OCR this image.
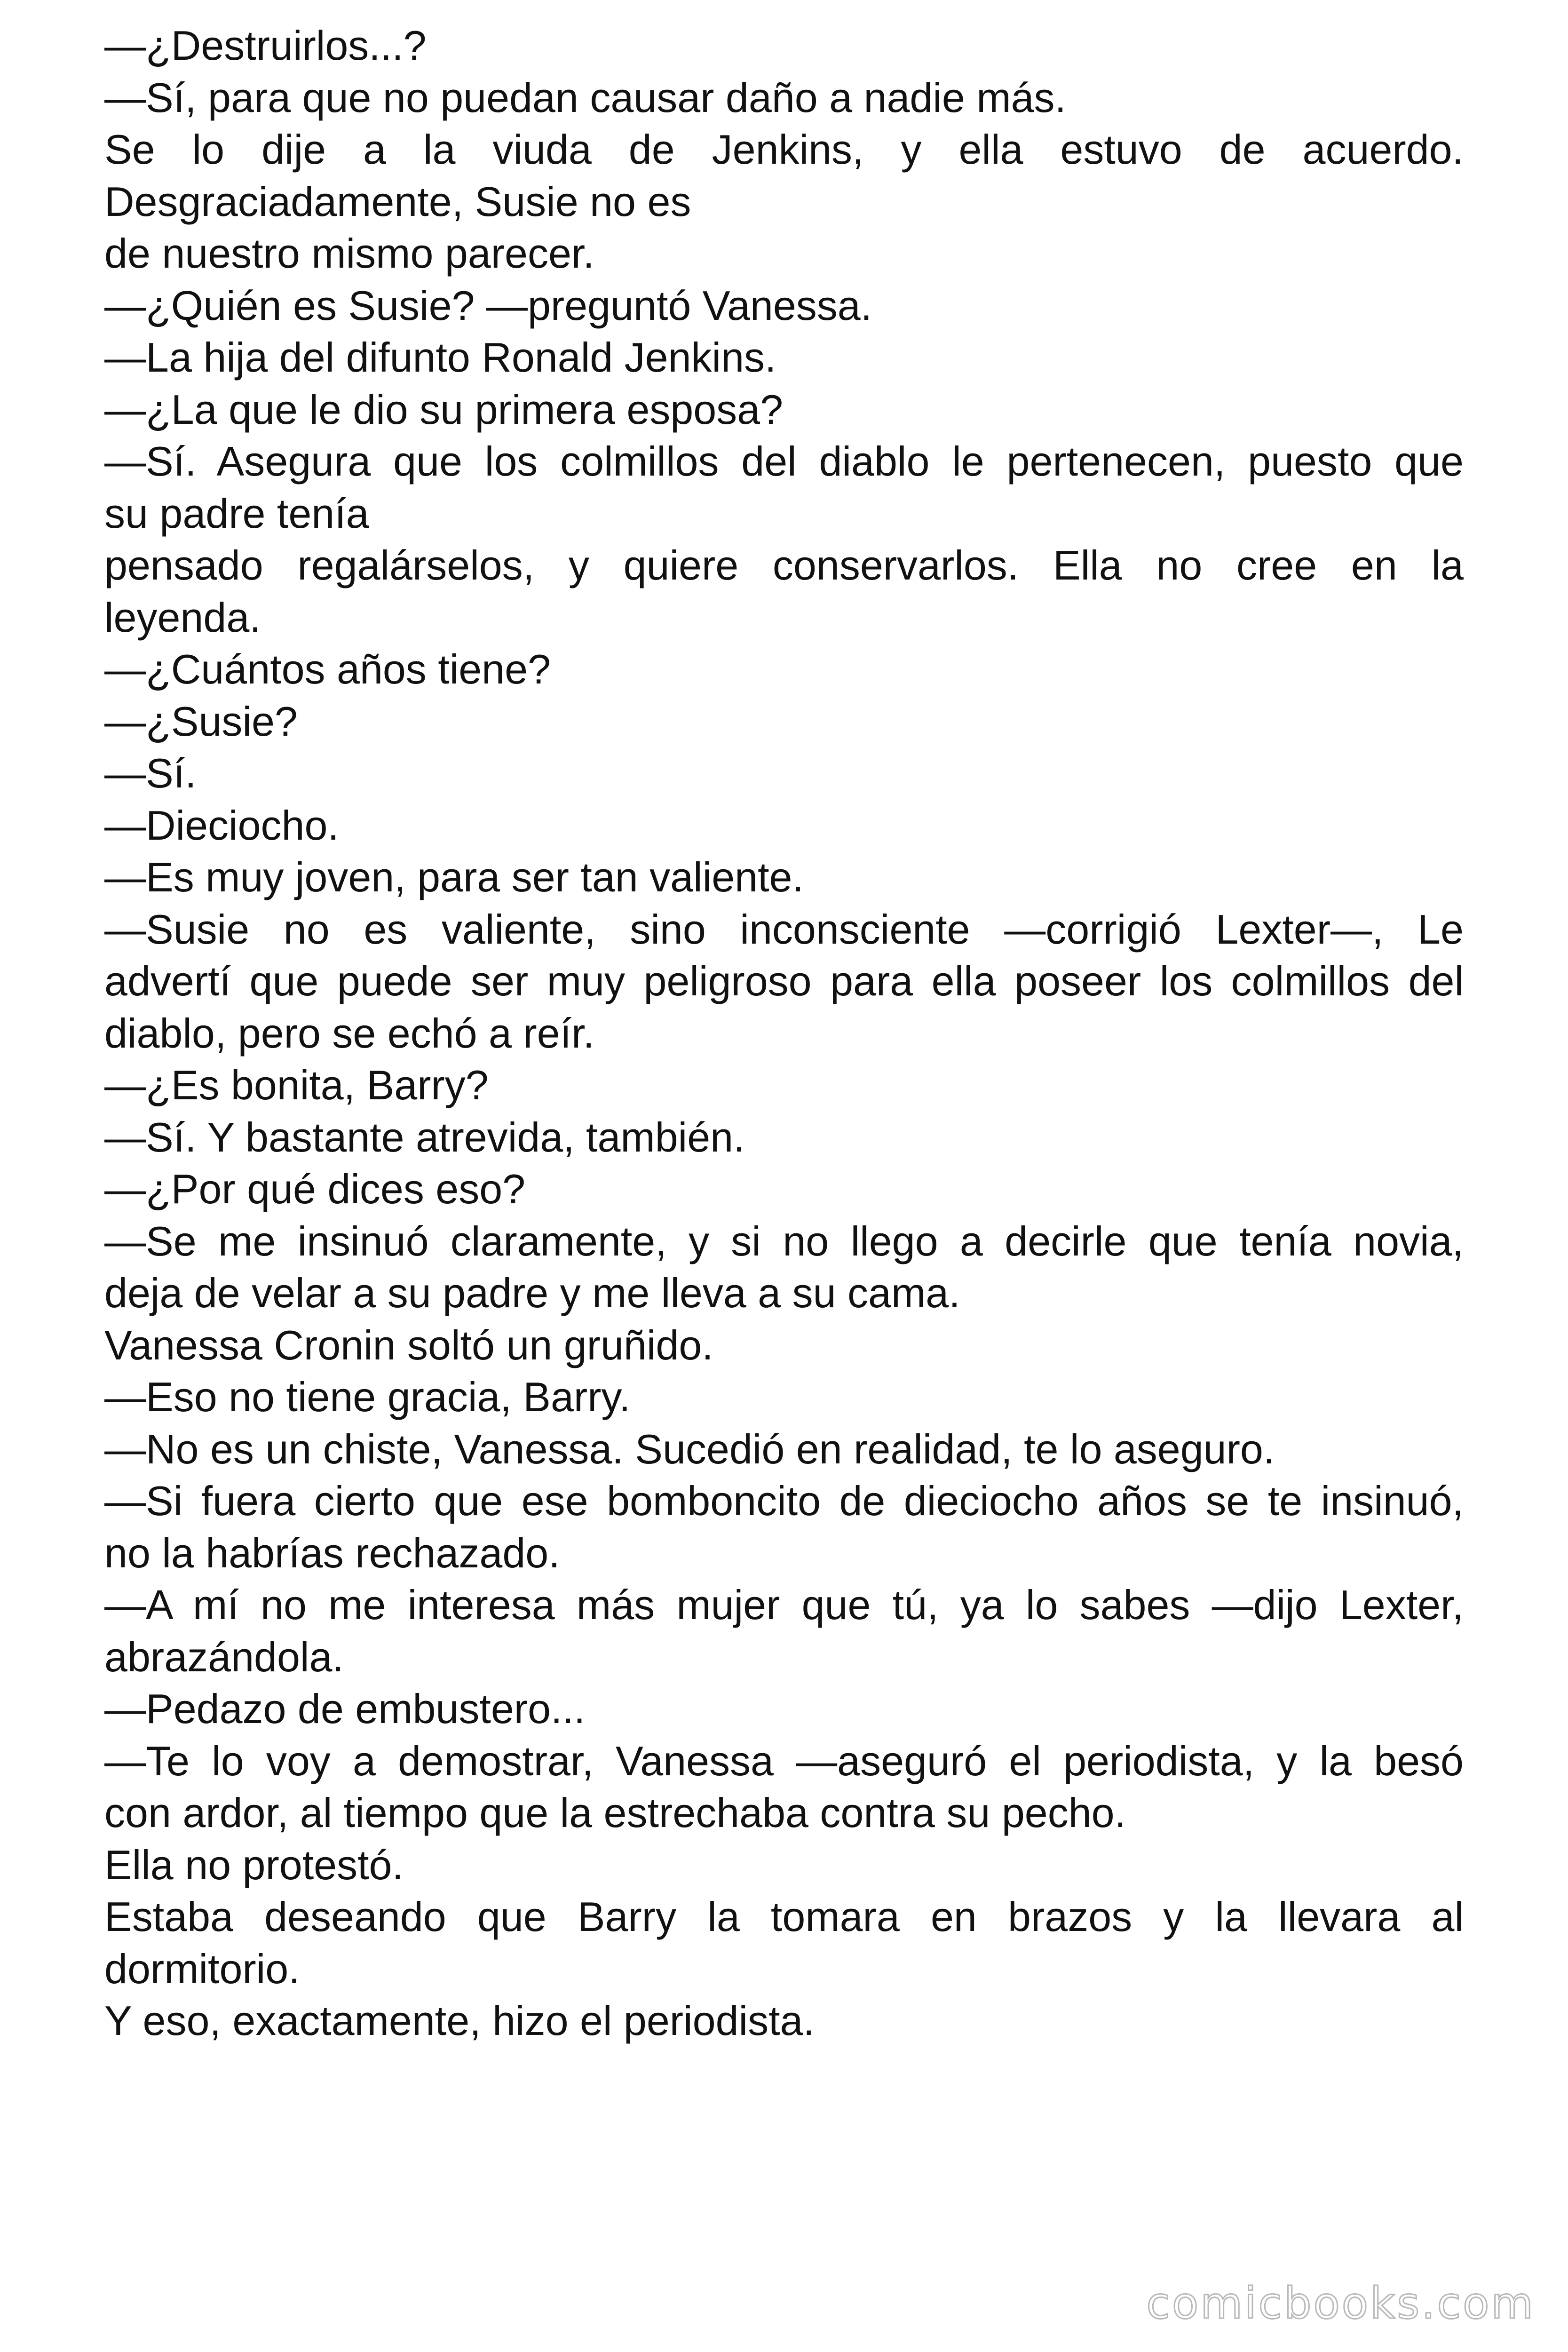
—¿Destruirlos...?

—Sí, para que no puedan causar daño a nadie más.

Se lo dije a la viuda de Jenkins, y ella estuvo de acuerdo.

Desgraciadamente, Susie no es

de nuestro mismo parecer.

—¿Quién es Susie? —preguntó Vanessa.

—La hija del difunto Ronald Jenkins.

—¿La que le dio su primera esposa?

—Sí. Asegura que los colmillos del diablo le pertenecen, puesto que

su padre tenía

pensado regalárselos, y quiere conservarlos. Ella no cree en la

leyenda.

—¿Cuántos años tiene?

—¿Susie?

—Sí.

—Dieciocho.

—Es muy joven, para ser tan valiente.

—Susie no es valiente, sino inconsciente —corrigió Lexter—, Le

advertí que puede ser muy peligroso para ella poseer los colmillos del

diablo, pero se echó a reír.

—¿Es bonita, Barry?

—Sí. Y bastante atrevida, también.

—¿Por qué dices eso?

—Se me insinuó claramente, y si no llego a decirle que tenía novia,

deja de velar a su padre y me lleva a su cama.

Vanessa Cronin soltó un gruñido.

—Eso no tiene gracia, Barry.

—No es un chiste, Vanessa. Sucedió en realidad, te lo aseguro.

—Si fuera cierto que ese bomboncito de dieciocho años se te insinuó,

no la habrías rechazado.

—A mí no me interesa más mujer que tú, ya lo sabes —dijo Lexter,

abrazándola.

—Pedazo de embustero...

—Te lo voy a demostrar, Vanessa —aseguró el periodista, y la besó

con ardor, al tiempo que la estrechaba contra su pecho.

Ella no protestó.

Estaba deseando que Barry la tomara en brazos y la llevara al

dormitorio.

Y eso, exactamente, hizo el periodista.

comicbooks.com
